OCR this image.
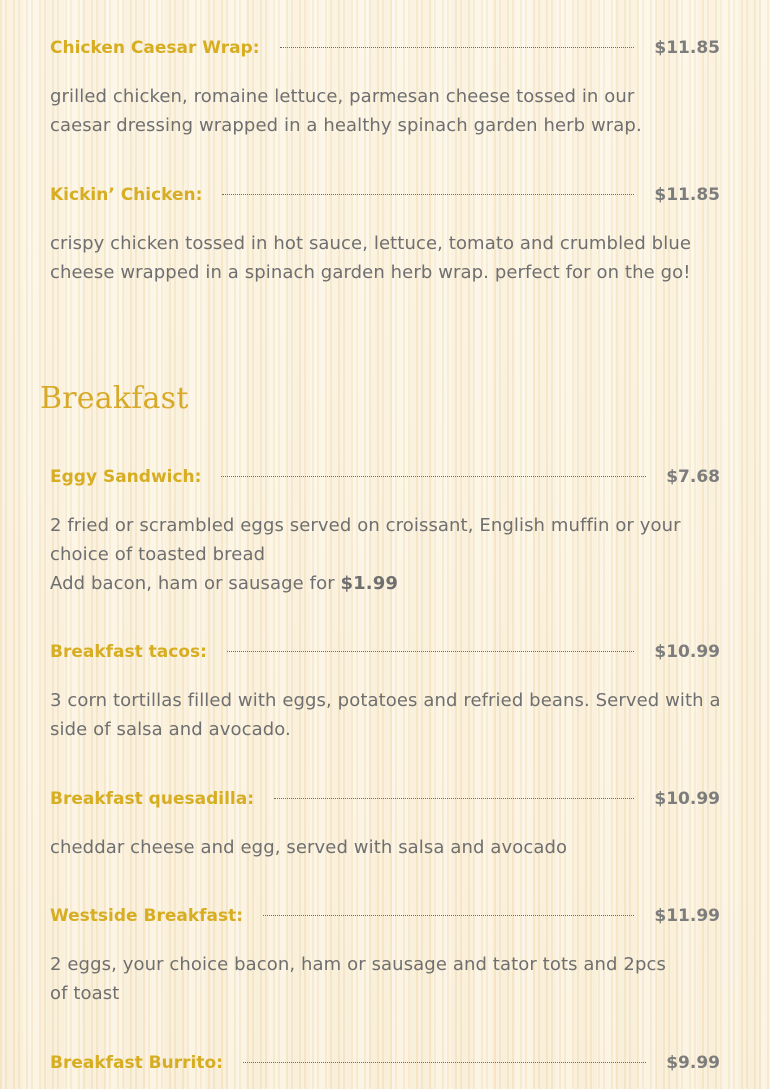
Chicken Caesar Wrap:	$11.85

grilled chicken, romaine lettuce, parmesan cheese tossed in our
caesar dressing wrapped in a healthy spinach garden herb wrap.

Kickin’ Chicken:	$11.85

crispy chicken tossed in hot sauce, lettuce, tomato and crumbled blue
cheese wrapped in a spinach garden herb wrap. perfect for on the go!

Breakfast
Eggy Sandwich:	$7.68

2 fried or scrambled eggs served on croissant, English muffin or your
choice of toasted bread
Add bacon, ham or sausage for $1.99

Breakfast tacos:	$10.99

3 corn tortillas filled with eggs, potatoes and refried beans. Served with a
side of salsa and avocado.

Breakfast quesadilla:	$10.99

cheddar cheese and egg, served with salsa and avocado

Westside Breakfast:	$11.99

2 eggs, your choice bacon, ham or sausage and tator tots and 2pcs
of toast

Breakfast Burrito:	$9.99
